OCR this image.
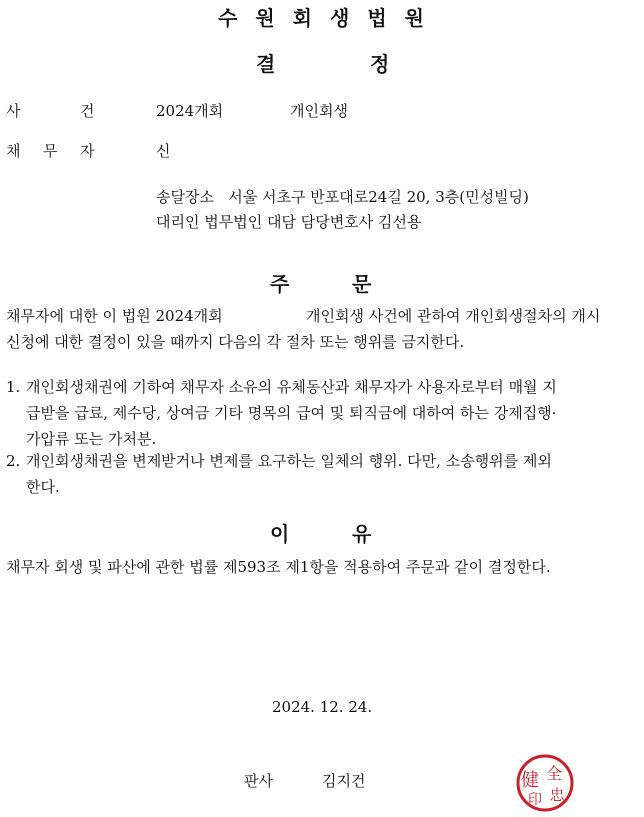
수 원 회 생 법 원
결	정
사	건	2024개회	개인회생
채 무 자	신
송달장소 서울 서초구 반포대로24길 20, 3층(민성빌딩)
대리인 법무법인 대담 담당변호사 김선용
주	문
채무자에 대한 이 법원 2024개회	개인회생 사건에 관하여 개인회생절차의 개시
신청에 대한 결정이 있을 때까지 다음의 각 절차 또는 행위를 금지한다.
1. 개인회생채권에 기하여 채무자 소유의 유체동산과 채무자가 사용자로부터 매월 지
급받을 급료, 제수당, 상여금 기타 명목의 급여 및 퇴직금에 대하여 하는 강제집행·
가압류 또는 가처분.
2. 개인회생채권을 변제받거나 변제를 요구하는 일체의 행위. 다만, 소송행위를 제외
한다.
이	유
채무자 회생 및 파산에 관한 법률 제593조 제1항을 적용하여 주문과 같이 결정한다.
2024. 12. 24.
판사	김지건	健 全
忠
印
